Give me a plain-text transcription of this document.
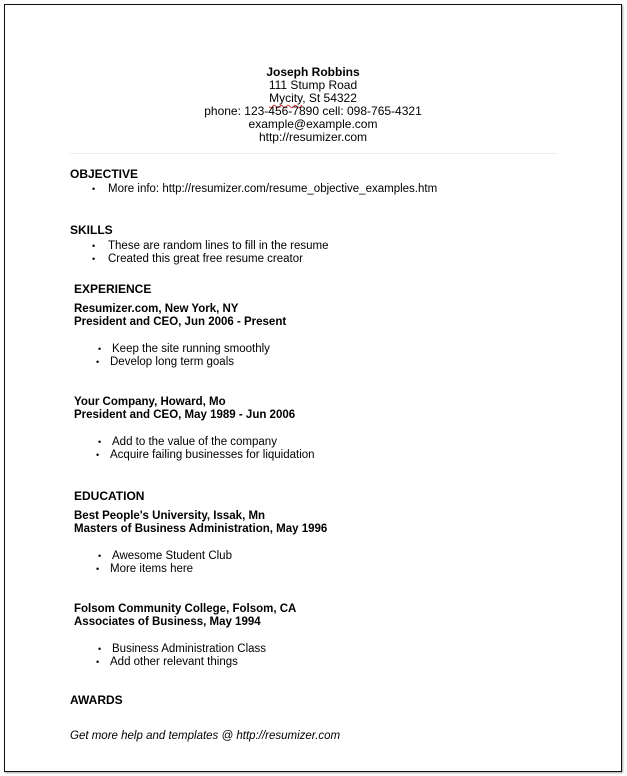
Joseph Robbins
111 Stump Road
Mycity, St 54322
phone: 123-456-7890 cell: 098-765-4321
example@example.com
http://resumizer.com
OBJECTIVE
• More info: http://resumizer.com/resume_objective_examples.htm
SKILLS
• These are random lines to fill in the resume
• Created this great free resume creator
EXPERIENCE
Resumizer.com, New York, NY
President and CEO, Jun 2006 - Present
• Keep the site running smoothly
• Develop long term goals
Your Company, Howard, Mo
President and CEO, May 1989 - Jun 2006
• Add to the value of the company
• Acquire failing businesses for liquidation
EDUCATION
Best People's University, Issak, Mn
Masters of Business Administration, May 1996
• Awesome Student Club
• More items here
Folsom Community College, Folsom, CA
Associates of Business, May 1994
• Business Administration Class
• Add other relevant things
AWARDS
Get more help and templates @ http://resumizer.com
